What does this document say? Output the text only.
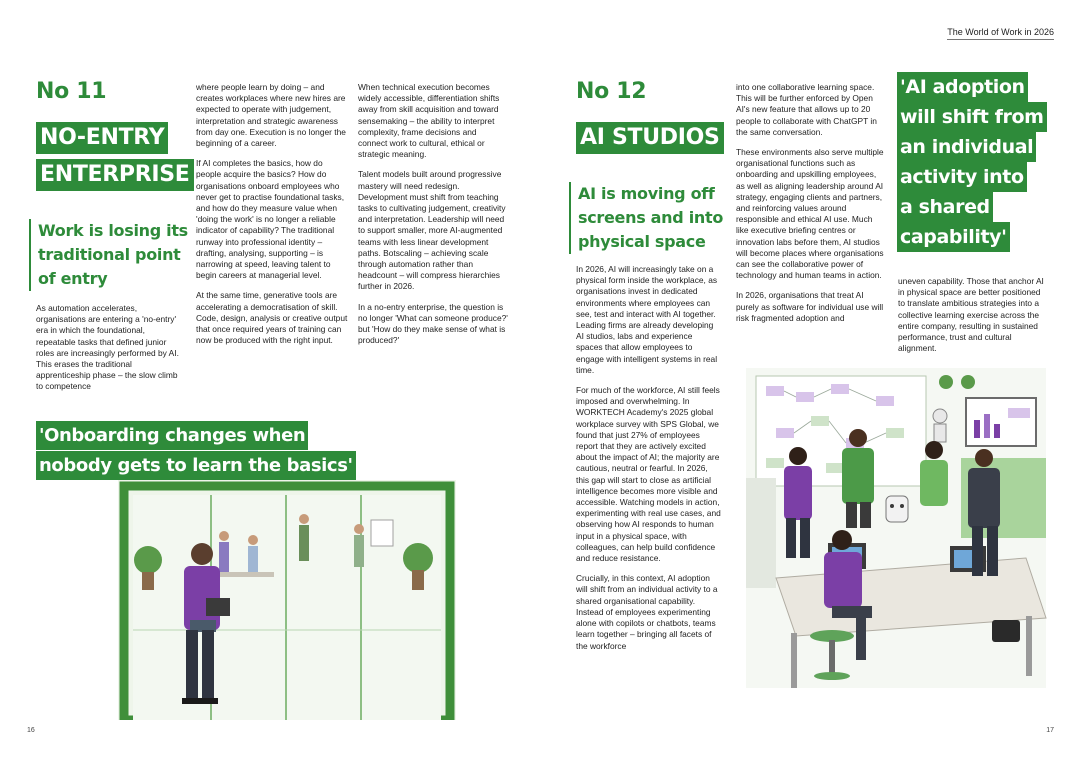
No 11
NO-ENTRY
ENTERPRISE
Work is losing its
traditional point
of entry

As automation accelerates, organisations are entering a 'no-entry' era in which the foundational, repeatable tasks that defined junior roles are increasingly performed by AI. This erases the traditional apprenticeship phase – the slow climb to competence

where people learn by doing – and creates workplaces where new hires are expected to operate with judgement, interpretation and strategic awareness from day one. Execution is no longer the beginning of a career.

If AI completes the basics, how do people acquire the basics? How do organisations onboard employees who never get to practise foundational tasks, and how do they measure value when 'doing the work' is no longer a reliable indicator of capability? The traditional runway into professional identity – drafting, analysing, supporting – is narrowing at speed, leaving talent to begin careers at managerial level.

At the same time, generative tools are accelerating a democratisation of skill. Code, design, analysis or creative output that once required years of training can now be produced with the right input.

When technical execution becomes widely accessible, differentiation shifts away from skill acquisition and toward sensemaking – the ability to interpret complexity, frame decisions and connect work to cultural, ethical or strategic meaning.

Talent models built around progressive mastery will need redesign. Development must shift from teaching tasks to cultivating judgement, creativity and interpretation. Leadership will need to support smaller, more AI-augmented teams with less linear development paths. Botscaling – achieving scale through automation rather than headcount – will compress hierarchies further in 2026.

In a no-entry enterprise, the question is no longer 'What can someone produce?' but 'How do they make sense of what is produced?'

'Onboarding changes when
nobody gets to learn the basics'
16
The World of Work in 2026
No 12
AI STUDIOS
AI is moving off
screens and into
physical space

In 2026, AI will increasingly take on a physical form inside the workplace, as organisations invest in dedicated environments where employees can see, test and interact with AI together. Leading firms are already developing AI studios, labs and experience spaces that allow employees to engage with intelligent systems in real time.

For much of the workforce, AI still feels imposed and overwhelming. In WORKTECH Academy's 2025 global workplace survey with SPS Global, we found that just 27% of employees report that they are actively excited about the impact of AI; the majority are cautious, neutral or fearful. In 2026, this gap will start to close as artificial intelligence becomes more visible and accessible. Watching models in action, experimenting with real use cases, and observing how AI responds to human input in a physical space, with colleagues, can help build confidence and reduce resistance.

Crucially, in this context, AI adoption will shift from an individual activity to a shared organisational capability. Instead of employees experimenting alone with copilots or chatbots, teams learn together – bringing all facets of the workforce

into one collaborative learning space. This will be further enforced by Open AI's new feature that allows up to 20 people to collaborate with ChatGPT in the same conversation.

These environments also serve multiple organisational functions such as onboarding and upskilling employees, as well as aligning leadership around AI strategy, engaging clients and partners, and reinforcing values around responsible and ethical AI use. Much like executive briefing centres or innovation labs before them, AI studios will become places where organisations can see the collaborative power of technology and human teams in action.

In 2026, organisations that treat AI purely as software for individual use will risk fragmented adoption and

uneven capability. Those that anchor AI in physical space are better positioned to translate ambitious strategies into a collective learning exercise across the entire company, resulting in sustained performance, trust and cultural alignment.

'AI adoption
will shift from
an individual
activity into
a shared
capability'
17
